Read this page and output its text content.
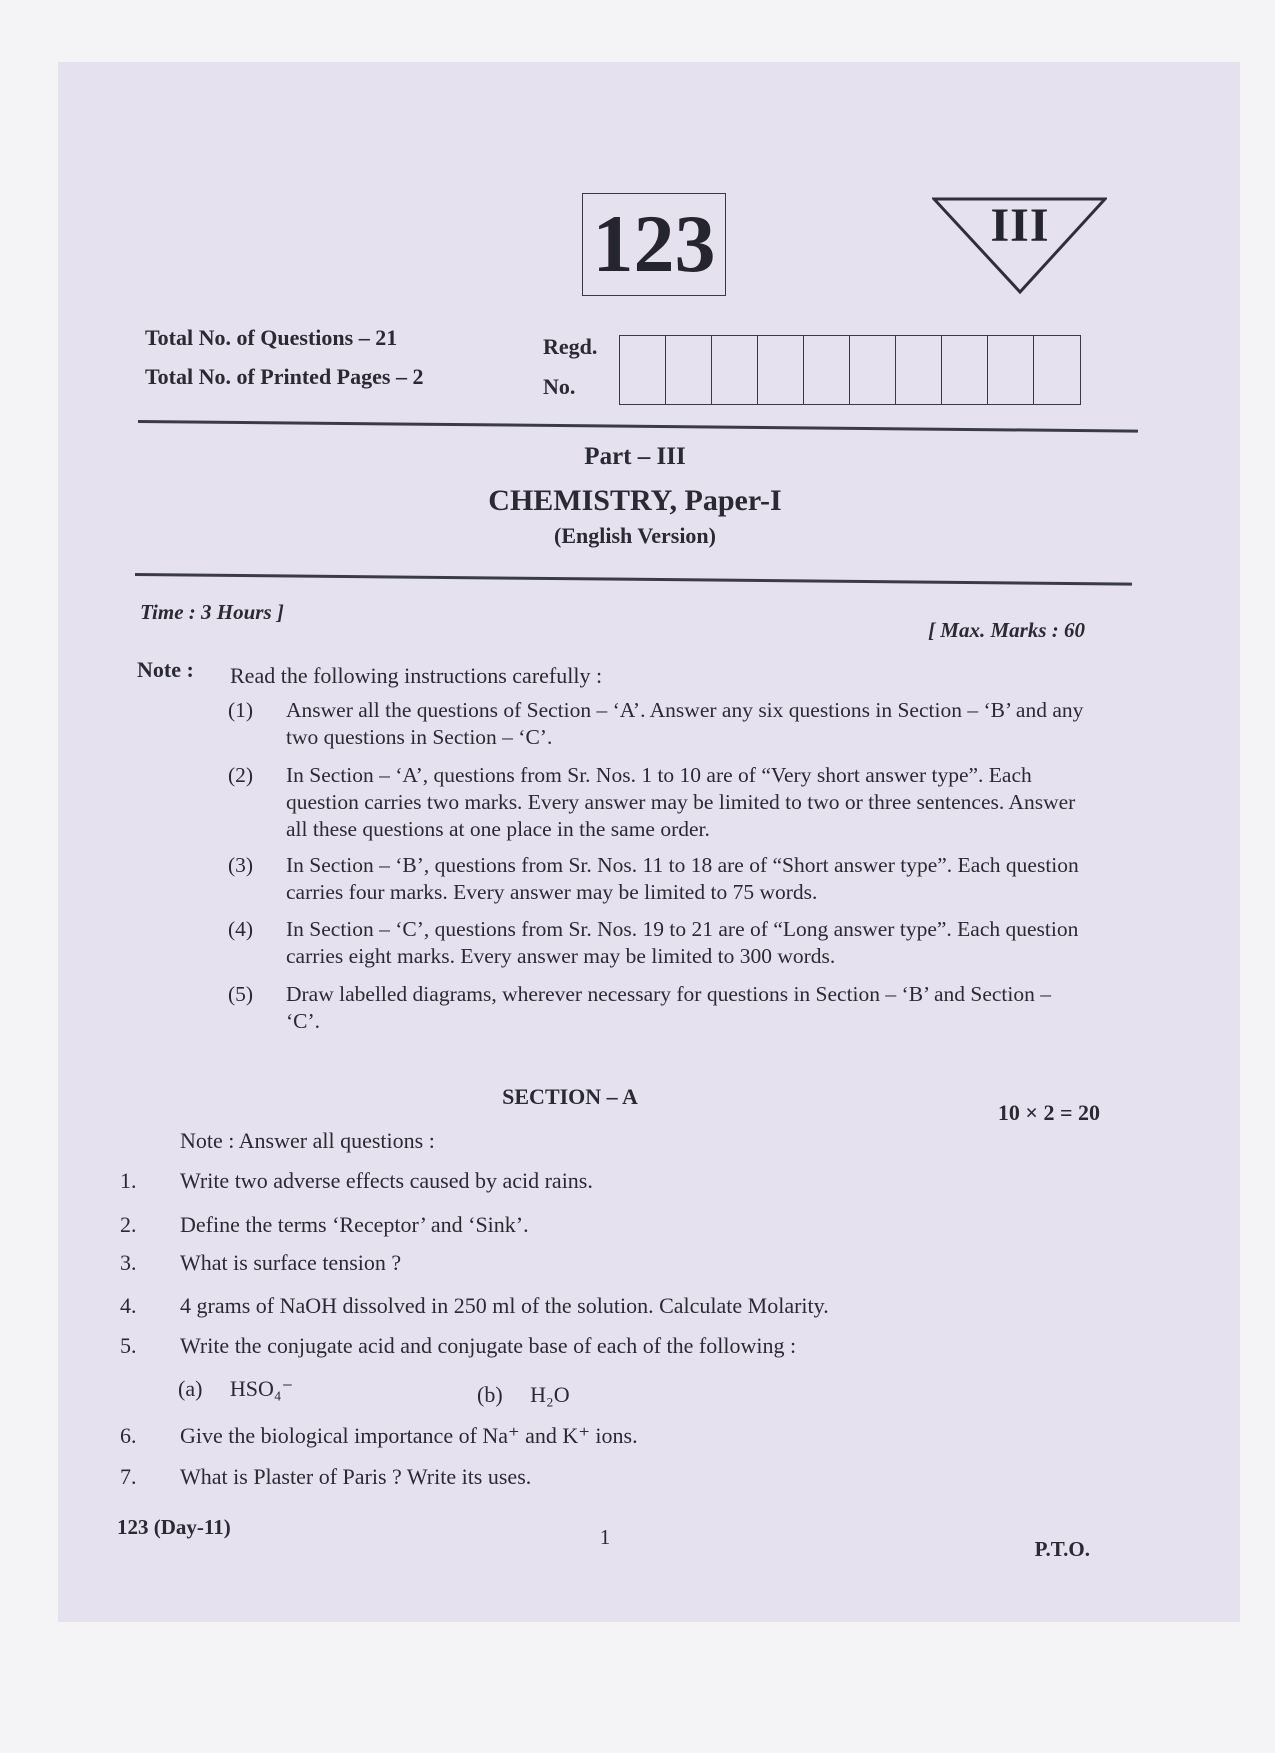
123	III
Total No. of Questions – 21
Total No. of Printed Pages – 2
Regd.
No.
Part – III
CHEMISTRY, Paper-I
(English Version)
Time : 3 Hours ]
[ Max. Marks : 60
Note : Read the following instructions carefully :
(1)	Answer all the questions of Section – ‘A’. Answer any six questions in Section – ‘B’ and any two questions in Section – ‘C’.
(2)	In Section – ‘A’, questions from Sr. Nos. 1 to 10 are of “Very short answer type”. Each question carries two marks. Every answer may be limited to two or three sentences. Answer all these questions at one place in the same order.
(3)	In Section – ‘B’, questions from Sr. Nos. 11 to 18 are of “Short answer type”. Each question carries four marks. Every answer may be limited to 75 words.
(4)	In Section – ‘C’, questions from Sr. Nos. 19 to 21 are of “Long answer type”. Each question carries eight marks. Every answer may be limited to 300 words.
(5)	Draw labelled diagrams, wherever necessary for questions in Section – ‘B’ and Section – ‘C’.
SECTION – A
10 × 2 = 20
Note : Answer all questions :
1. Write two adverse effects caused by acid rains.
2. Define the terms ‘Receptor’ and ‘Sink’.
3. What is surface tension ?
4. 4 grams of NaOH dissolved in 250 ml of the solution. Calculate Molarity.
5. Write the conjugate acid and conjugate base of each of the following :
(a) HSO₄⁻	(b) H₂O
6. Give the biological importance of Na⁺ and K⁺ ions.
7. What is Plaster of Paris ? Write its uses.
123 (Day-11)	1	P.T.O.
